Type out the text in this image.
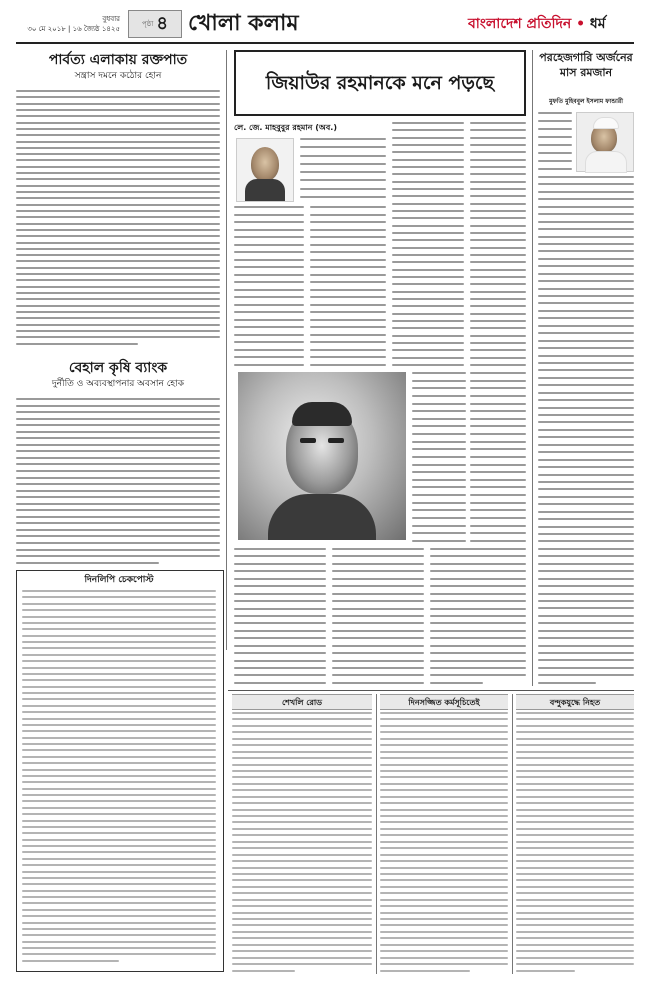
বুধবার
৩০ মে ২০১৮ | ১৬ জ্যৈষ্ঠ ১৪২৫
পৃষ্ঠা ৪ খোলা কলাম	বাংলাদেশ প্রতিদিন • ধর্ম
পার্বত্য এলাকায় রক্তপাত
সন্ত্রাস দমনে কঠোর হোন
বেহাল কৃষি ব্যাংক
দুর্নীতি ও অব্যবস্থাপনার অবসান হোক
দিনলিপি চেকপোস্ট
জিয়াউর রহমানকে মনে পড়ছে
লে. জে. মাহবুবুর রহমান (অব.)
পরহেজগারি অর্জনের মাস রমজান
মুফতি মুহিববুল ইসলাম ফান্ডারী
শেখলি রোড	দিনসজ্জিত কর্মসূচিতেই	বন্দুকযুদ্ধে নিহত
